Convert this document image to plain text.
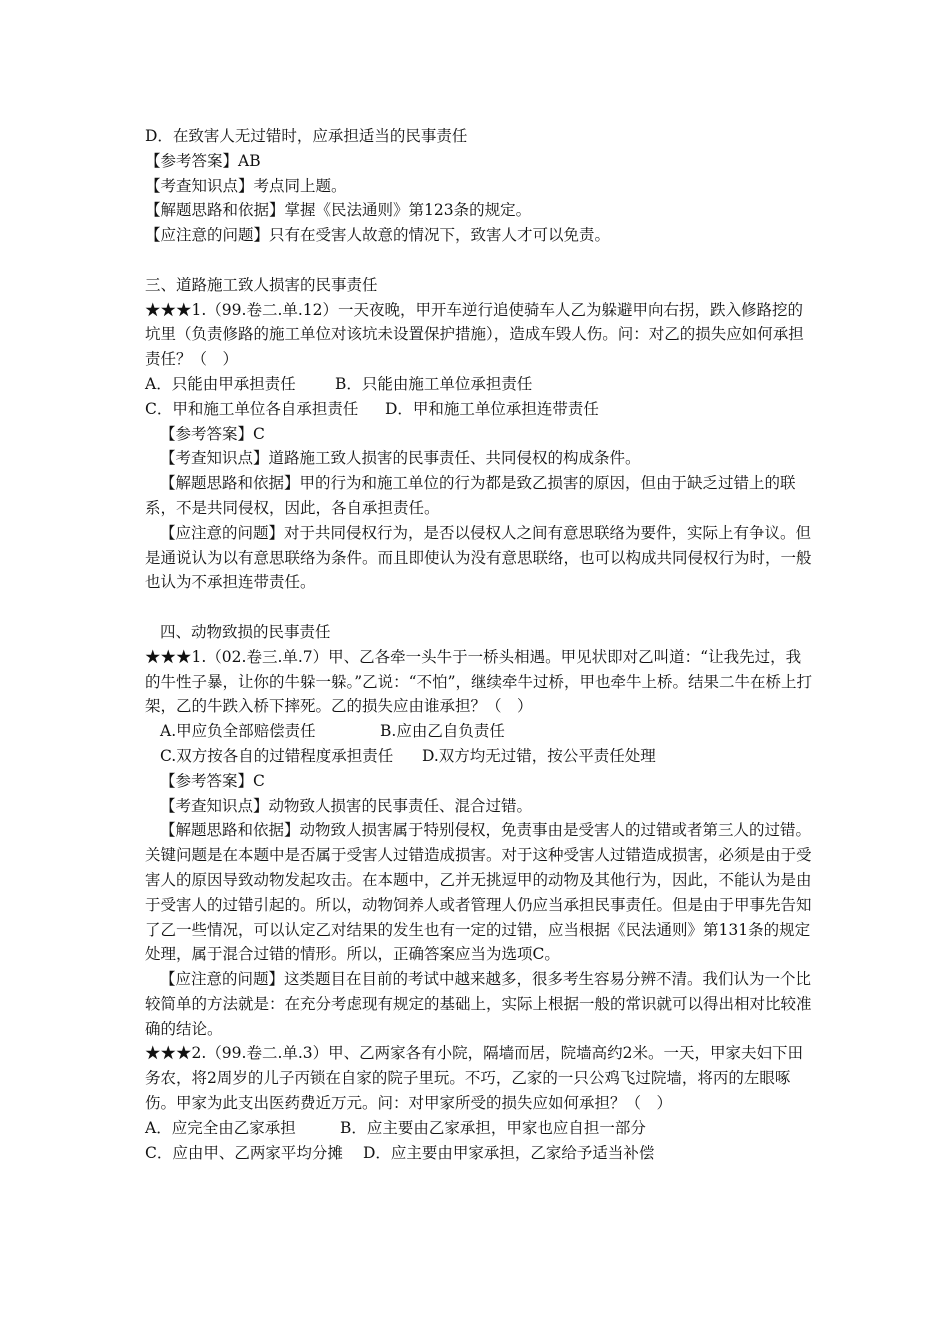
D．在致害人无过错时，应承担适当的民事责任

【参考答案】AB

【考查知识点】考点同上题。

【解题思路和依据】掌握《民法通则》第123条的规定。

【应注意的问题】只有在受害人故意的情况下，致害人才可以免责。

三、道路施工致人损害的民事责任

★★★1.（99.卷二.单.12）一天夜晚，甲开车逆行追使骑车人乙为躲避甲向右拐，跌入修路挖的坑里（负责修路的施工单位对该坑未设置保护措施），造成车毁人伤。问：对乙的损失应如何承担责任？（　）

A．只能由甲承担责任	B．只能由施工单位承担责任

C．甲和施工单位各自承担责任 D．甲和施工单位承担连带责任

【参考答案】C

【考查知识点】道路施工致人损害的民事责任、共同侵权的构成条件。

【解题思路和依据】甲的行为和施工单位的行为都是致乙损害的原因，但由于缺乏过错上的联系，不是共同侵权，因此，各自承担责任。

【应注意的问题】对于共同侵权行为，是否以侵权人之间有意思联络为要件，实际上有争议。但是通说认为以有意思联络为条件。而且即使认为没有意思联络，也可以构成共同侵权行为时，一般也认为不承担连带责任。

四、动物致损的民事责任

★★★1.（02.卷三.单.7）甲、乙各牵一头牛于一桥头相遇。甲见状即对乙叫道：“让我先过，我的牛性子暴，让你的牛躲一躲。”乙说：“不怕”，继续牵牛过桥，甲也牵牛上桥。结果二牛在桥上打架，乙的牛跌入桥下摔死。乙的损失应由谁承担？（　）

A.甲应负全部赔偿责任	B.应由乙自负责任

C.双方按各自的过错程度承担责任 D.双方均无过错，按公平责任处理

【参考答案】C

【考查知识点】动物致人损害的民事责任、混合过错。

【解题思路和依据】动物致人损害属于特别侵权，免责事由是受害人的过错或者第三人的过错。关键问题是在本题中是否属于受害人过错造成损害。对于这种受害人过错造成损害，必须是由于受害人的原因导致动物发起攻击。在本题中，乙并无挑逗甲的动物及其他行为，因此，不能认为是由于受害人的过错引起的。所以，动物饲养人或者管理人仍应当承担民事责任。但是由于甲事先告知了乙一些情况，可以认定乙对结果的发生也有一定的过错，应当根据《民法通则》第131条的规定处理，属于混合过错的情形。所以，正确答案应当为选项C。

【应注意的问题】这类题目在目前的考试中越来越多，很多考生容易分辨不清。我们认为一个比较简单的方法就是：在充分考虑现有规定的基础上，实际上根据一般的常识就可以得出相对比较准确的结论。

★★★2.（99.卷二.单.3）甲、乙两家各有小院，隔墙而居，院墙高约2米。一天，甲家夫妇下田务农，将2周岁的儿子丙锁在自家的院子里玩。不巧，乙家的一只公鸡飞过院墙，将丙的左眼啄伤。甲家为此支出医药费近万元。问：对甲家所受的损失应如何承担？（　）

A．应完全由乙家承担	B．应主要由乙家承担，甲家也应自担一部分

C．应由甲、乙两家平均分摊 D．应主要由甲家承担，乙家给予适当补偿
